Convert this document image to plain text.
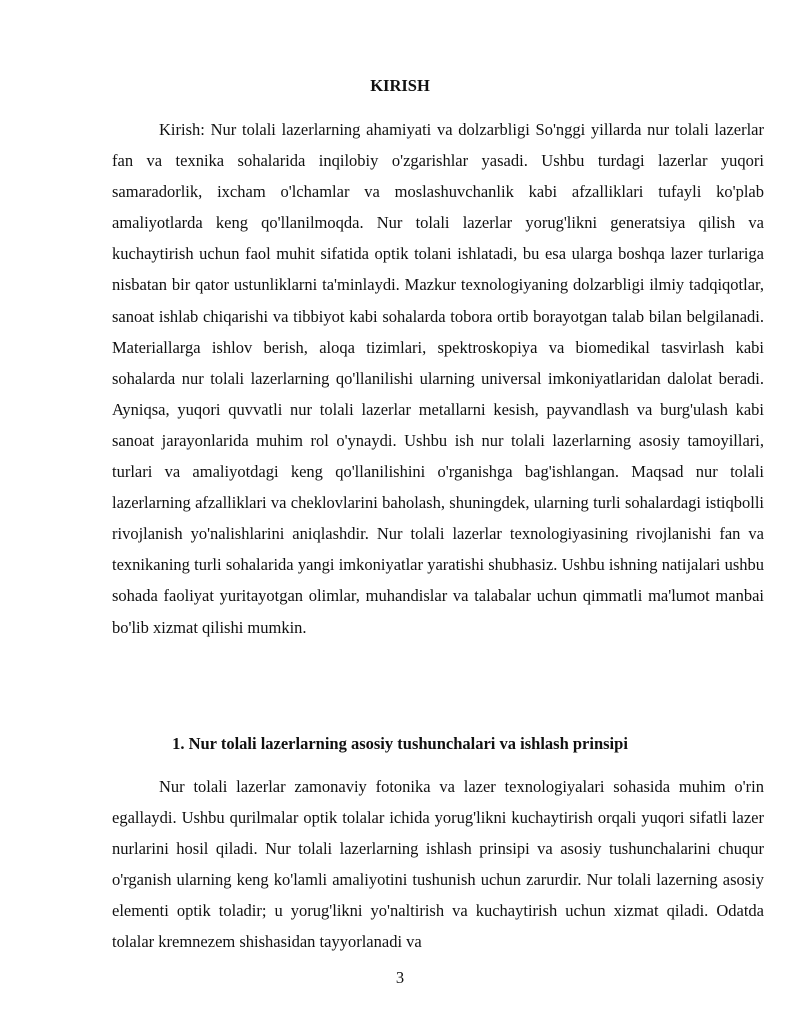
KIRISH

Kirish: Nur tolali lazerlarning ahamiyati va dolzarbligi So'nggi yillarda nur tolali lazerlar fan va texnika sohalarida inqilobiy o'zgarishlar yasadi. Ushbu turdagi lazerlar yuqori samaradorlik, ixcham o'lchamlar va moslashuvchanlik kabi afzalliklari tufayli ko'plab amaliyotlarda keng qo'llanilmoqda. Nur tolali lazerlar yorug'likni generatsiya qilish va kuchaytirish uchun faol muhit sifatida optik tolani ishlatadi, bu esa ularga boshqa lazer turlariga nisbatan bir qator ustunliklarni ta'minlaydi. Mazkur texnologiyaning dolzarbligi ilmiy tadqiqotlar, sanoat ishlab chiqarishi va tibbiyot kabi sohalarda tobora ortib borayotgan talab bilan belgilanadi. Materiallarga ishlov berish, aloqa tizimlari, spektroskopiya va biomedikal tasvirlash kabi sohalarda nur tolali lazerlarning qo'llanilishi ularning universal imkoniyatlaridan dalolat beradi. Ayniqsa, yuqori quvvatli nur tolali lazerlar metallarni kesish, payvandlash va burg'ulash kabi sanoat jarayonlarida muhim rol o'ynaydi. Ushbu ish nur tolali lazerlarning asosiy tamoyillari, turlari va amaliyotdagi keng qo'llanilishini o'rganishga bag'ishlangan. Maqsad nur tolali lazerlarning afzalliklari va cheklovlarini baholash, shuningdek, ularning turli sohalardagi istiqbolli rivojlanish yo'nalishlarini aniqlashdir. Nur tolali lazerlar texnologiyasining rivojlanishi fan va texnikaning turli sohalarida yangi imkoniyatlar yaratishi shubhasiz. Ushbu ishning natijalari ushbu sohada faoliyat yuritayotgan olimlar, muhandislar va talabalar uchun qimmatli ma'lumot manbai bo'lib xizmat qilishi mumkin.

1. Nur tolali lazerlarning asosiy tushunchalari va ishlash prinsipi

Nur tolali lazerlar zamonaviy fotonika va lazer texnologiyalari sohasida muhim o'rin egallaydi. Ushbu qurilmalar optik tolalar ichida yorug'likni kuchaytirish orqali yuqori sifatli lazer nurlarini hosil qiladi. Nur tolali lazerlarning ishlash prinsipi va asosiy tushunchalarini chuqur o'rganish ularning keng ko'lamli amaliyotini tushunish uchun zarurdir. Nur tolali lazerning asosiy elementi optik toladir; u yorug'likni yo'naltirish va kuchaytirish uchun xizmat qiladi. Odatda tolalar kremnezem shishasidan tayyorlanadi va

3
